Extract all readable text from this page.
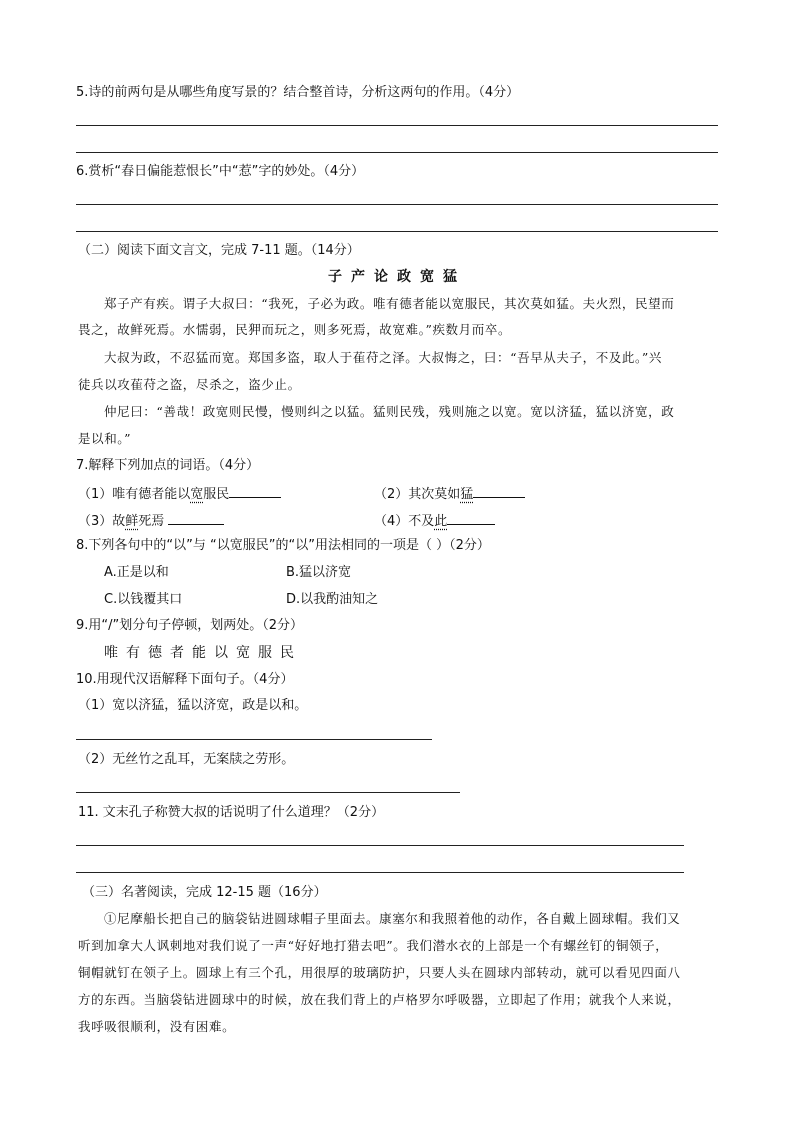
5.诗的前两句是从哪些角度写景的？结合整首诗，分析这两句的作用。（4分）
6.赏析“春日偏能惹恨长”中“惹”字的妙处。（4分）
（二）阅读下面文言文，完成 7-11 题。（14分）
子产论政宽猛
郑子产有疾。谓子大叔曰：“我死，子必为政。唯有德者能以宽服民，其次莫如猛。夫火烈，民望而
畏之，故鲜死焉。水懦弱，民狎而玩之，则多死焉，故宽难。”疾数月而卒。
大叔为政，不忍猛而宽。郑国多盗，取人于萑苻之泽。大叔悔之，曰：“吾早从夫子，不及此。”兴
徒兵以攻萑苻之盗，尽杀之，盗少止。
仲尼曰：“善哉！政宽则民慢，慢则纠之以猛。猛则民残，残则施之以宽。宽以济猛，猛以济宽，政
是以和。”
7.解释下列加点的词语。（4分）
（1）唯有德者能以宽服民	（2）其次莫如猛
（3）故鲜死焉	（4）不及此
8.下列各句中的“以”与 “以宽服民”的“以”用法相同的一项是（ ）（2分）
A.正是以和	B.猛以济宽
C.以钱覆其口	D.以我酌油知之
9.用“/”划分句子停顿，划两处。（2分）
唯有德者能以宽服民
10.用现代汉语解释下面句子。（4分）
（1）宽以济猛，猛以济宽，政是以和。
（2）无丝竹之乱耳，无案牍之劳形。
11. 文末孔子称赞大叔的话说明了什么道理？（2分）
（三）名著阅读，完成 12-15 题（16分）
①尼摩船长把自己的脑袋钻进圆球帽子里面去。康塞尔和我照着他的动作，各自戴上圆球帽。我们又
听到加拿大人讽刺地对我们说了一声“好好地打猎去吧”。我们潜水衣的上部是一个有螺丝钉的铜领子，
铜帽就钉在领子上。圆球上有三个孔，用很厚的玻璃防护，只要人头在圆球内部转动，就可以看见四面八
方的东西。当脑袋钻进圆球中的时候，放在我们背上的卢格罗尔呼吸器，立即起了作用；就我个人来说，
我呼吸很顺利，没有困难。
